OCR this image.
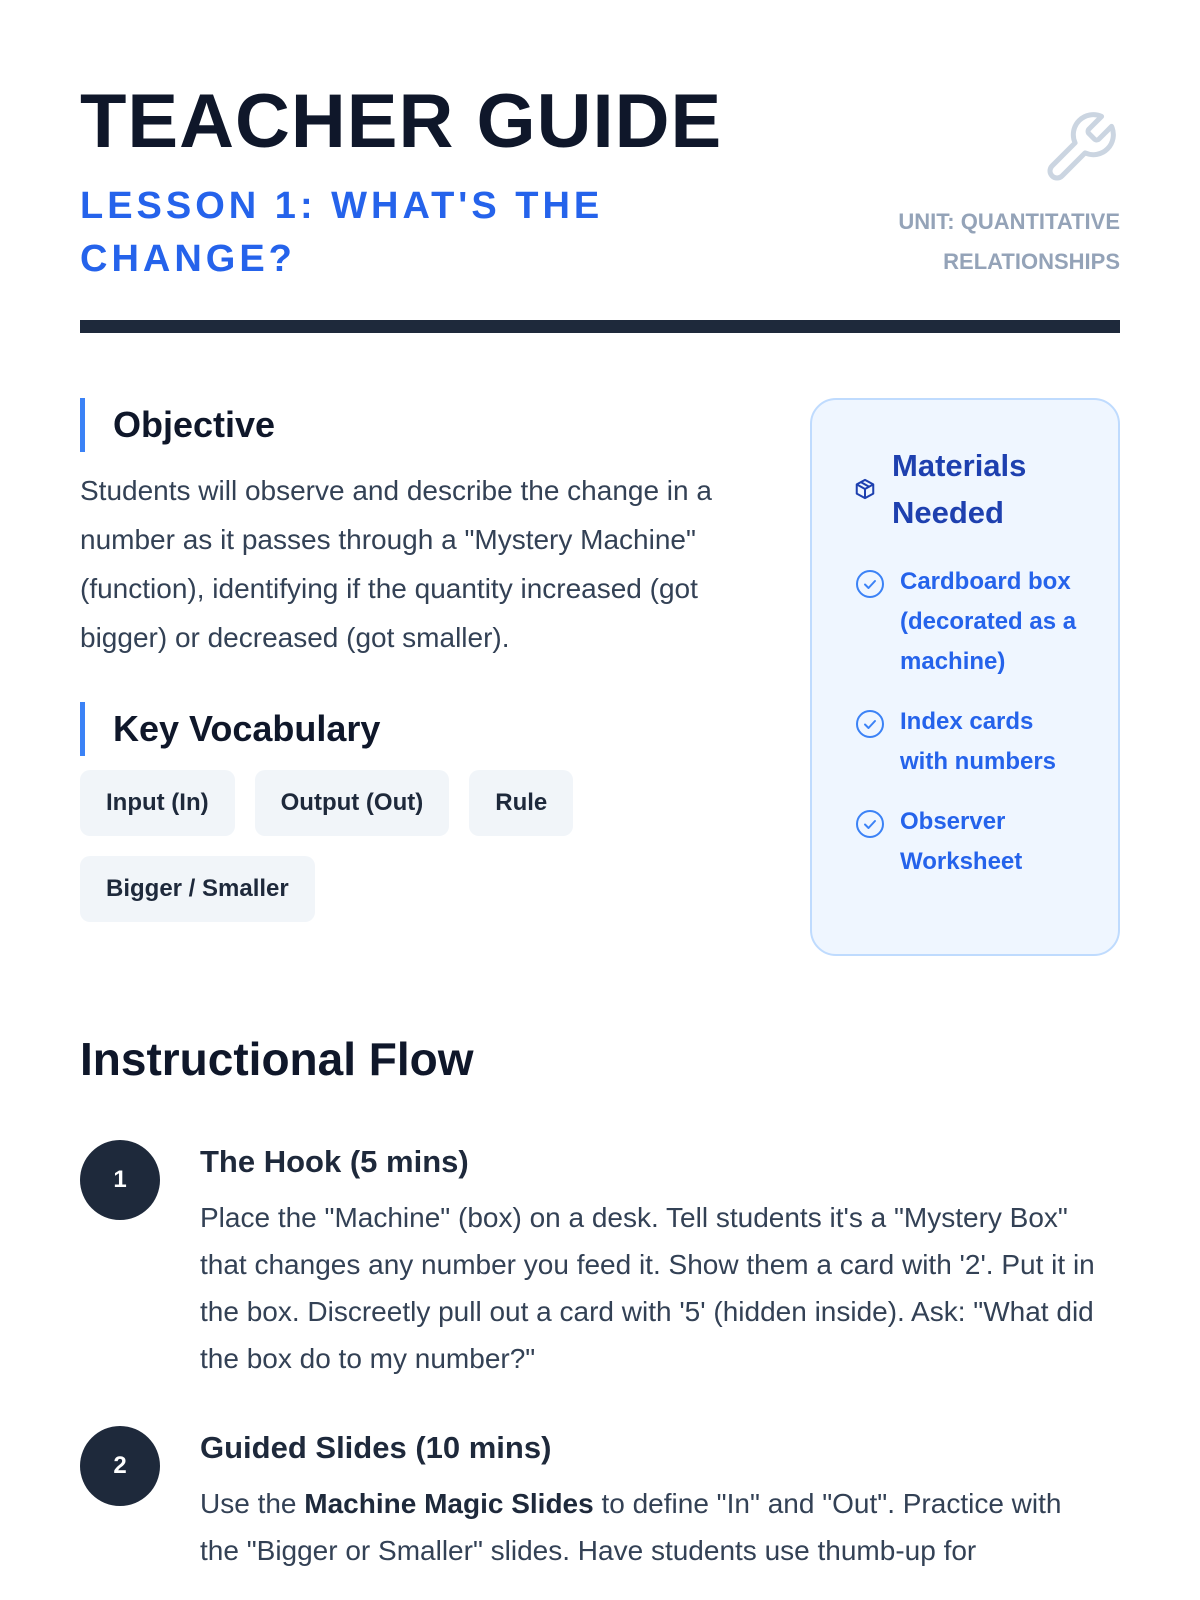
TEACHER GUIDE
LESSON 1: WHAT'S THE CHANGE?
UNIT: QUANTITATIVE RELATIONSHIPS
Objective

Students will observe and describe the change in a number as it passes through a "Mystery Machine" (function), identifying if the quantity increased (got bigger) or decreased (got smaller).

Key Vocabulary
Input (In)	Output (Out)	Rule
Bigger / Smaller
Materials Needed
Cardboard box (decorated as a machine)
Index cards with numbers
Observer Worksheet
Instructional Flow
1
The Hook (5 mins)

Place the "Machine" (box) on a desk. Tell students it's a "Mystery Box" that changes any number you feed it. Show them a card with '2'. Put it in the box. Discreetly pull out a card with '5' (hidden inside). Ask: "What did the box do to my number?"

2
Guided Slides (10 mins)

Use the Machine Magic Slides to define "In" and "Out". Practice with the "Bigger or Smaller" slides. Have students use thumb-up for
